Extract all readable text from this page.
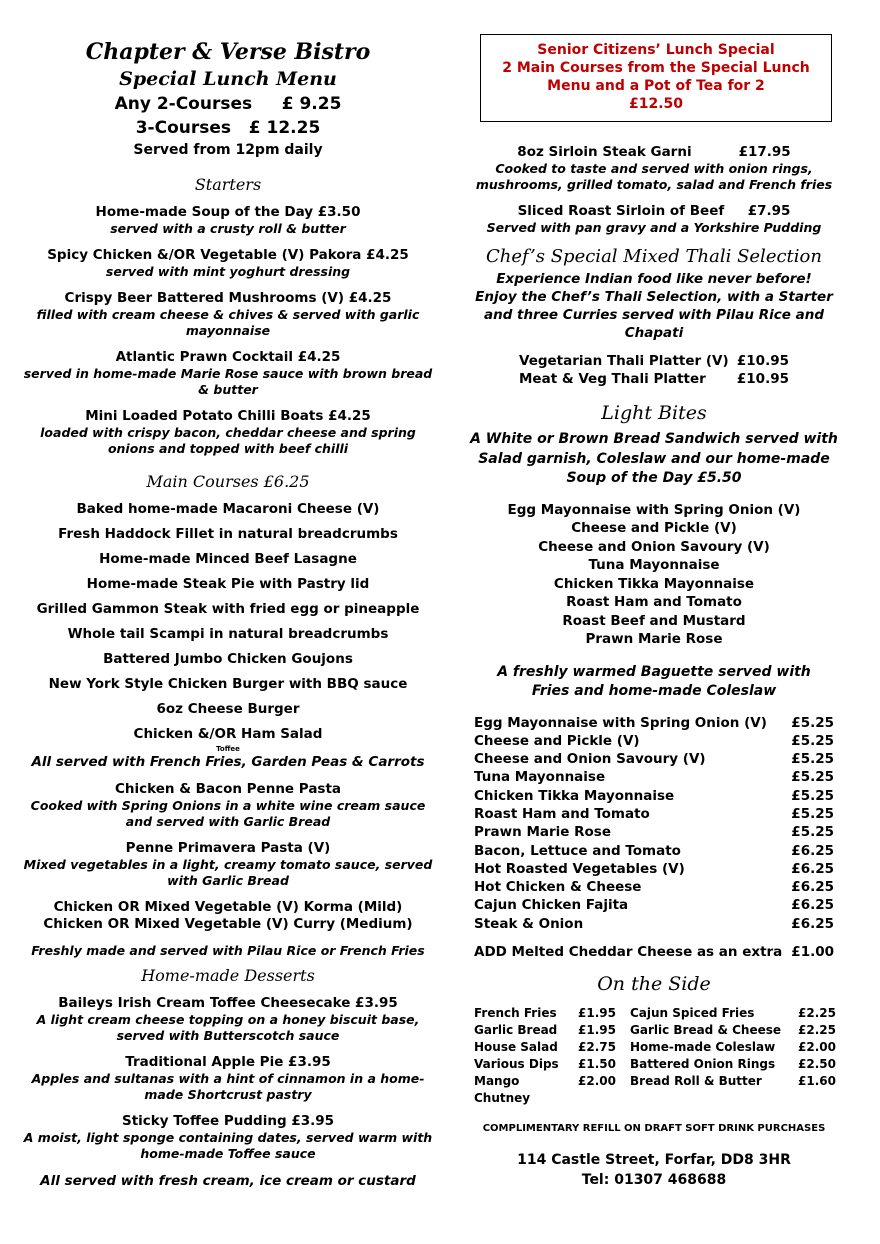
Chapter & Verse Bistro
Special Lunch Menu
Any 2-Courses £ 9.25
3-Courses £ 12.25
Served from 12pm daily
Starters
Home-made Soup of the Day £3.50
served with a crusty roll & butter
Spicy Chicken &/OR Vegetable (V) Pakora £4.25
served with mint yoghurt dressing
Crispy Beer Battered Mushrooms (V) £4.25
filled with cream cheese & chives & served with garlic mayonnaise
Atlantic Prawn Cocktail £4.25
served in home-made Marie Rose sauce with brown bread & butter
Mini Loaded Potato Chilli Boats £4.25
loaded with crispy bacon, cheddar cheese and spring onions and topped with beef chilli
Main Courses £6.25
Baked home-made Macaroni Cheese (V)
Fresh Haddock Fillet in natural breadcrumbs
Home-made Minced Beef Lasagne
Home-made Steak Pie with Pastry lid
Grilled Gammon Steak with fried egg or pineapple
Whole tail Scampi in natural breadcrumbs
Battered Jumbo Chicken Goujons
New York Style Chicken Burger with BBQ sauce
6oz Cheese Burger
Chicken &/OR Ham Salad
Toffee
All served with French Fries, Garden Peas & Carrots
Chicken & Bacon Penne Pasta
Cooked with Spring Onions in a white wine cream sauce and served with Garlic Bread
Penne Primavera Pasta (V)
Mixed vegetables in a light, creamy tomato sauce, served with Garlic Bread
Chicken OR Mixed Vegetable (V) Korma (Mild)
Chicken OR Mixed Vegetable (V) Curry (Medium)
Freshly made and served with Pilau Rice or French Fries
Home-made Desserts
Baileys Irish Cream Toffee Cheesecake £3.95
A light cream cheese topping on a honey biscuit base, served with Butterscotch sauce
Traditional Apple Pie £3.95
Apples and sultanas with a hint of cinnamon in a home-made Shortcrust pastry
Sticky Toffee Pudding £3.95
A moist, light sponge containing dates, served warm with home-made Toffee sauce
All served with fresh cream, ice cream or custard
Senior Citizens’ Lunch Special
2 Main Courses from the Special Lunch
Menu and a Pot of Tea for 2
£12.50
8oz Sirloin Steak Garni	£17.95
Cooked to taste and served with onion rings, mushrooms, grilled tomato, salad and French fries
Sliced Roast Sirloin of Beef £7.95
Served with pan gravy and a Yorkshire Pudding
Chef’s Special Mixed Thali Selection
Experience Indian food like never before!
Enjoy the Chef’s Thali Selection, with a Starter and three Curries served with Pilau Rice and Chapati
Vegetarian Thali Platter (V) £10.95
Meat & Veg Thali Platter	£10.95
Light Bites
A White or Brown Bread Sandwich served with Salad garnish, Coleslaw and our home-made Soup of the Day £5.50
Egg Mayonnaise with Spring Onion (V)
Cheese and Pickle (V)
Cheese and Onion Savoury (V)
Tuna Mayonnaise
Chicken Tikka Mayonnaise
Roast Ham and Tomato
Roast Beef and Mustard
Prawn Marie Rose
A freshly warmed Baguette served with Fries and home-made Coleslaw
Egg Mayonnaise with Spring Onion (V) £5.25
Cheese and Pickle (V)	£5.25
Cheese and Onion Savoury (V)	£5.25
Tuna Mayonnaise	£5.25
Chicken Tikka Mayonnaise	£5.25
Roast Ham and Tomato	£5.25
Prawn Marie Rose	£5.25
Bacon, Lettuce and Tomato	£6.25
Hot Roasted Vegetables (V)	£6.25
Hot Chicken & Cheese	£6.25
Cajun Chicken Fajita	£6.25
Steak & Onion	£6.25
ADD Melted Cheddar Cheese as an extra £1.00
On the Side
French Fries	£1.95
Garlic Bread	£1.95
House Salad	£2.75
Various Dips	£1.50
Mango Chutney
£2.00
Cajun Spiced Fries	£2.25
Garlic Bread & Cheese	£2.25
Home-made Coleslaw	£2.00
Battered Onion Rings	£2.50
Bread Roll & Butter	£1.60
COMPLIMENTARY REFILL ON DRAFT SOFT DRINK PURCHASES
114 Castle Street, Forfar, DD8 3HR
Tel: 01307 468688
